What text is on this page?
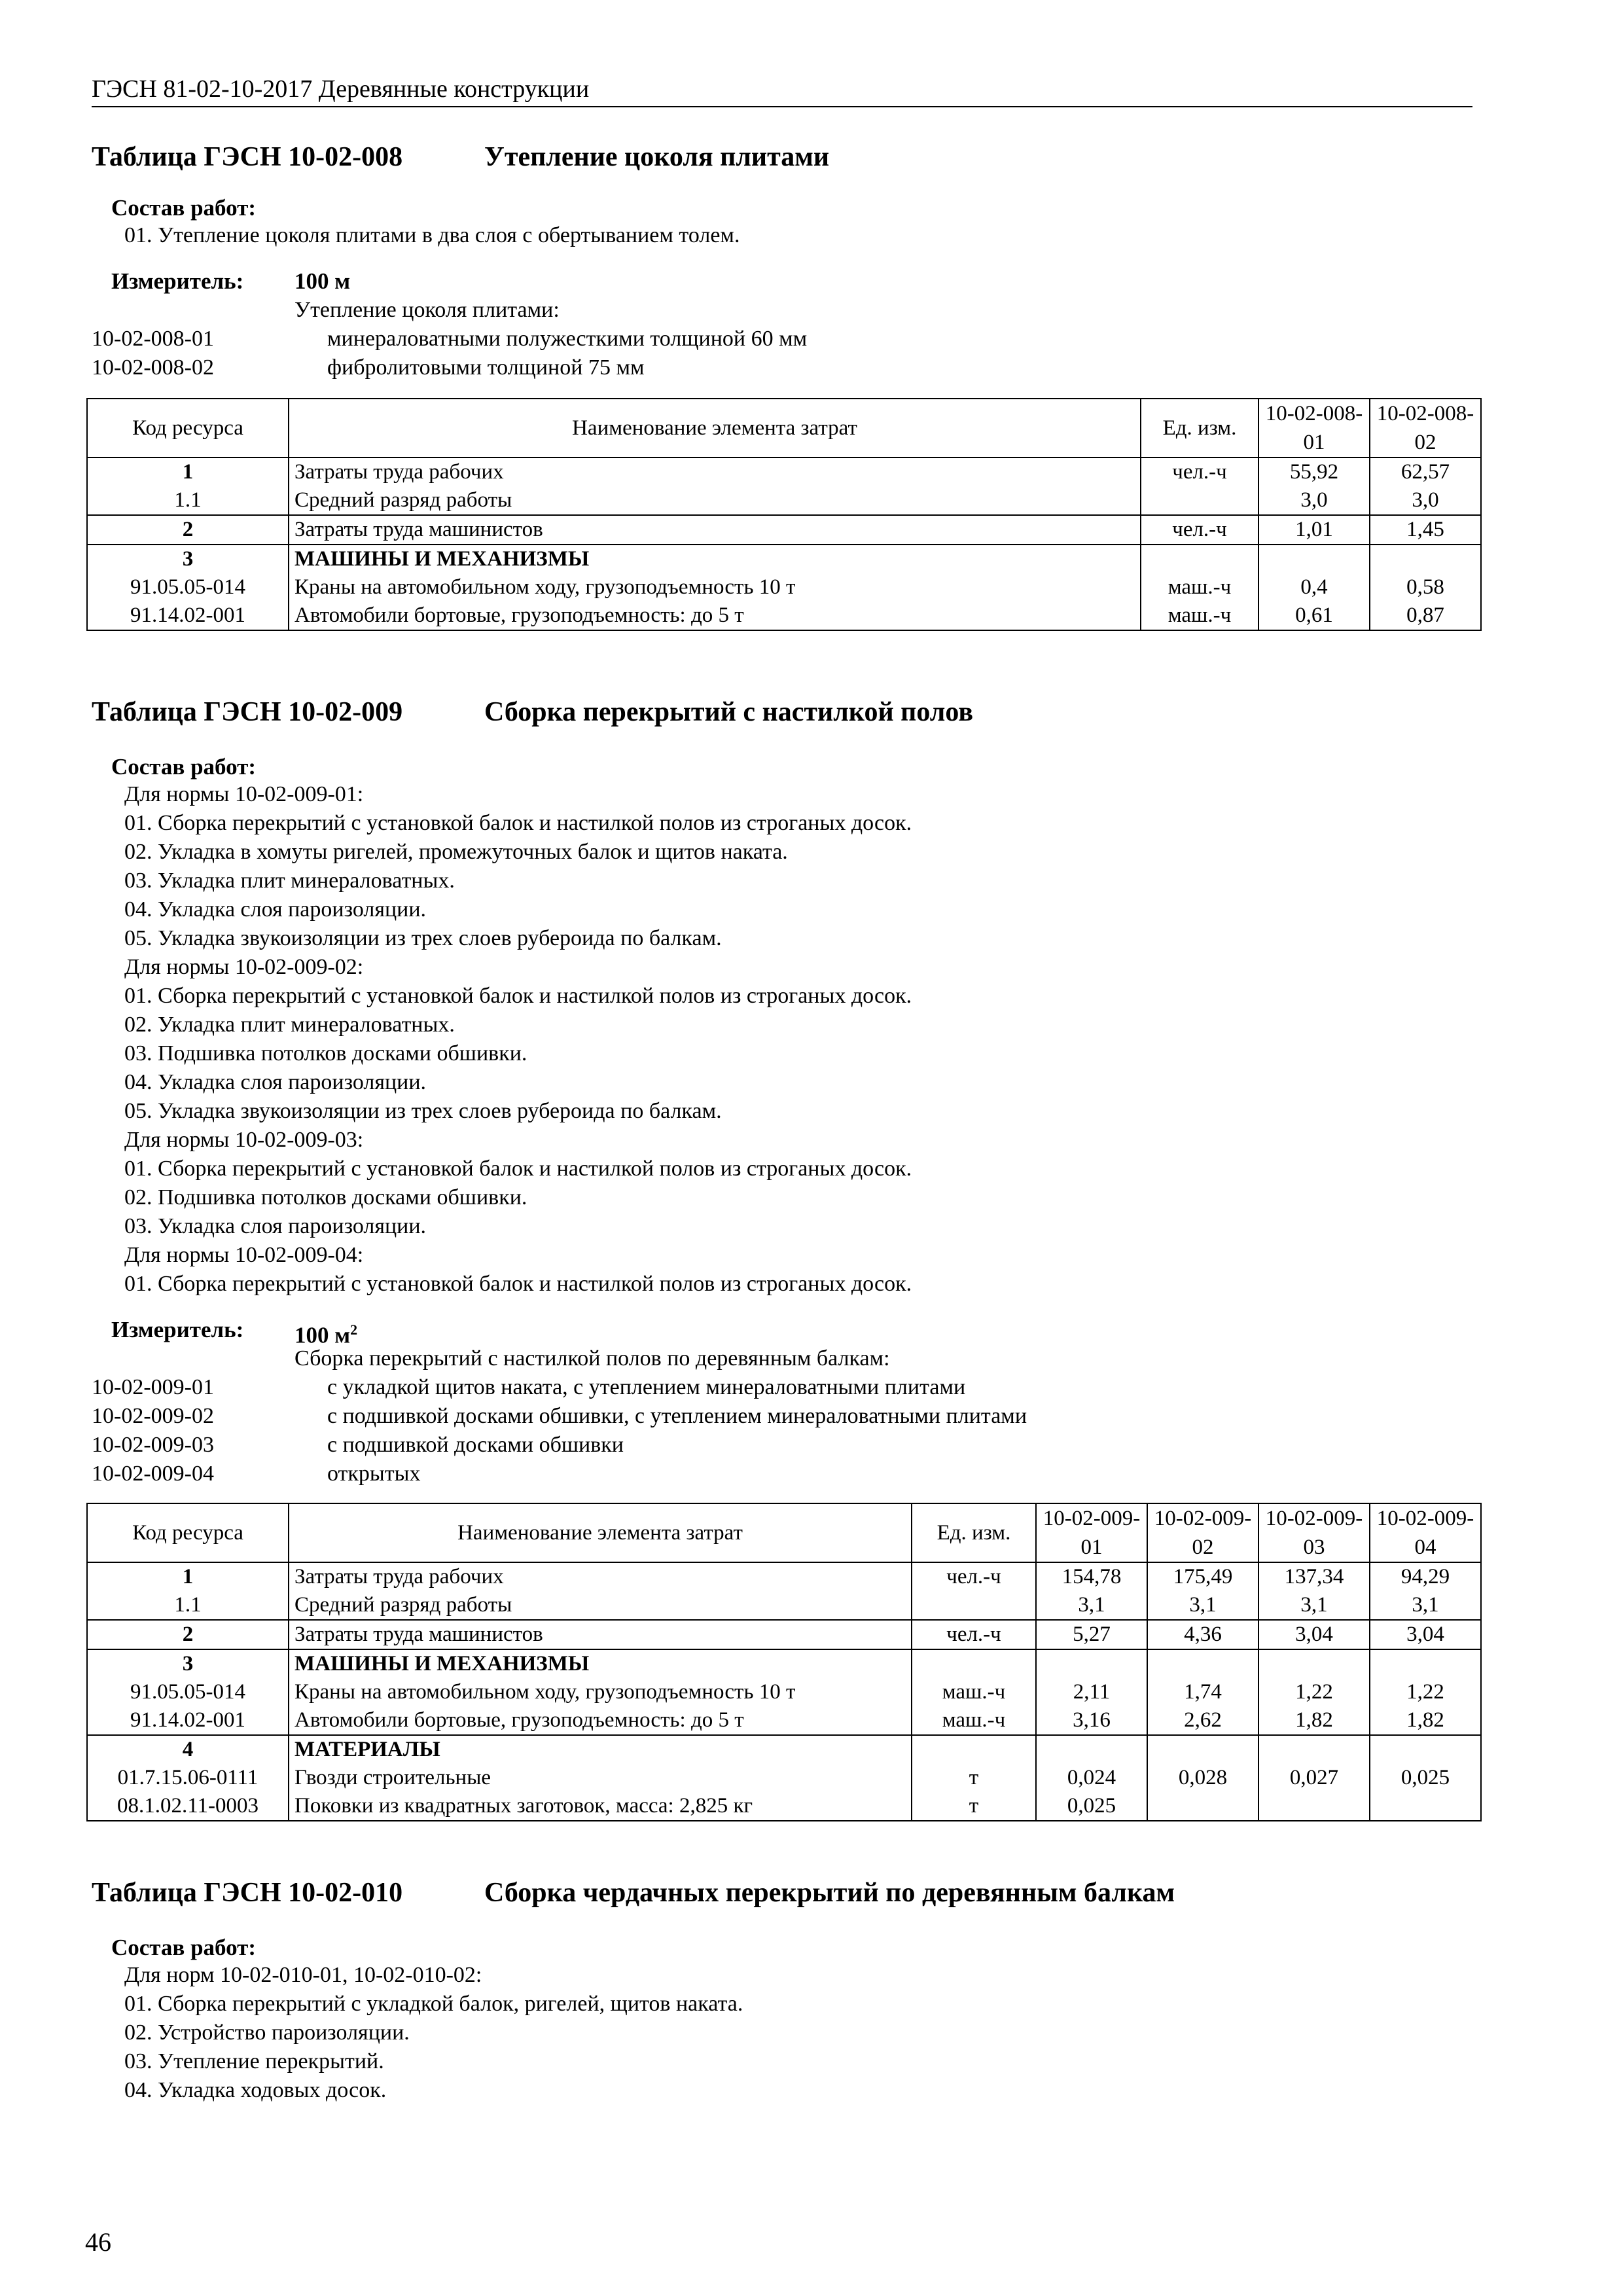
ГЭСН 81-02-10-2017 Деревянные конструкции
Таблица ГЭСН 10-02-008	Утепление цоколя плитами
Состав работ:
01. Утепление цоколя плитами в два слоя с обертыванием толем.
Измеритель: 100 м
Утепление цоколя плитами:
10-02-008-01	минераловатными полужесткими толщиной 60 мм
10-02-008-02	фибролитовыми толщиной 75 мм
Код ресурса	Наименование элемента затрат	Ед. изм.	10-02-008-01	10-02-008-02
1	Затраты труда рабочих	чел.-ч	55,92	62,57
1.1	Средний разряд работы		3,0	3,0
2	Затраты труда машинистов	чел.-ч	1,01	1,45
3	МАШИНЫ И МЕХАНИЗМЫ			
91.05.05-014	Краны на автомобильном ходу, грузоподъемность 10 т	маш.-ч	0,4	0,58
91.14.02-001	Автомобили бортовые, грузоподъемность: до 5 т	маш.-ч	0,61	0,87
Таблица ГЭСН 10-02-009	Сборка перекрытий с настилкой полов
Состав работ:
Для нормы 10-02-009-01:
01. Сборка перекрытий с установкой балок и настилкой полов из строганых досок.
02. Укладка в хомуты ригелей, промежуточных балок и щитов наката.
03. Укладка плит минераловатных.
04. Укладка слоя пароизоляции.
05. Укладка звукоизоляции из трех слоев рубероида по балкам.
Для нормы 10-02-009-02:
01. Сборка перекрытий с установкой балок и настилкой полов из строганых досок.
02. Укладка плит минераловатных.
03. Подшивка потолков досками обшивки.
04. Укладка слоя пароизоляции.
05. Укладка звукоизоляции из трех слоев рубероида по балкам.
Для нормы 10-02-009-03:
01. Сборка перекрытий с установкой балок и настилкой полов из строганых досок.
02. Подшивка потолков досками обшивки.
03. Укладка слоя пароизоляции.
Для нормы 10-02-009-04:
01. Сборка перекрытий с установкой балок и настилкой полов из строганых досок.
Измеритель: 100 $м^2$
Сборка перекрытий с настилкой полов по деревянным балкам:
10-02-009-01	с укладкой щитов наката, с утеплением минераловатными плитами
10-02-009-02	с подшивкой досками обшивки, с утеплением минераловатными плитами
10-02-009-03	с подшивкой досками обшивки
10-02-009-04	открытых
Код ресурса	Наименование элемента затрат	Ед. изм.	10-02-009-01	10-02-009-02	10-02-009-03	10-02-009-04
1	Затраты труда рабочих	чел.-ч	154,78	175,49	137,34	94,29
1.1	Средний разряд работы		3,1	3,1	3,1	3,1
2	Затраты труда машинистов	чел.-ч	5,27	4,36	3,04	3,04
3	МАШИНЫ И МЕХАНИЗМЫ					
91.05.05-014	Краны на автомобильном ходу, грузоподъемность 10 т	маш.-ч	2,11	1,74	1,22	1,22
91.14.02-001	Автомобили бортовые, грузоподъемность: до 5 т	маш.-ч	3,16	2,62	1,82	1,82
4	МАТЕРИАЛЫ					
01.7.15.06-0111	Гвозди строительные	т	0,024	0,028	0,027	0,025
08.1.02.11-0003	Поковки из квадратных заготовок, масса: 2,825 кг	т	0,025			
Таблица ГЭСН 10-02-010	Сборка чердачных перекрытий по деревянным балкам
Состав работ:
Для норм 10-02-010-01, 10-02-010-02:
01. Сборка перекрытий с укладкой балок, ригелей, щитов наката.
02. Устройство пароизоляции.
03. Утепление перекрытий.
04. Укладка ходовых досок.
46
